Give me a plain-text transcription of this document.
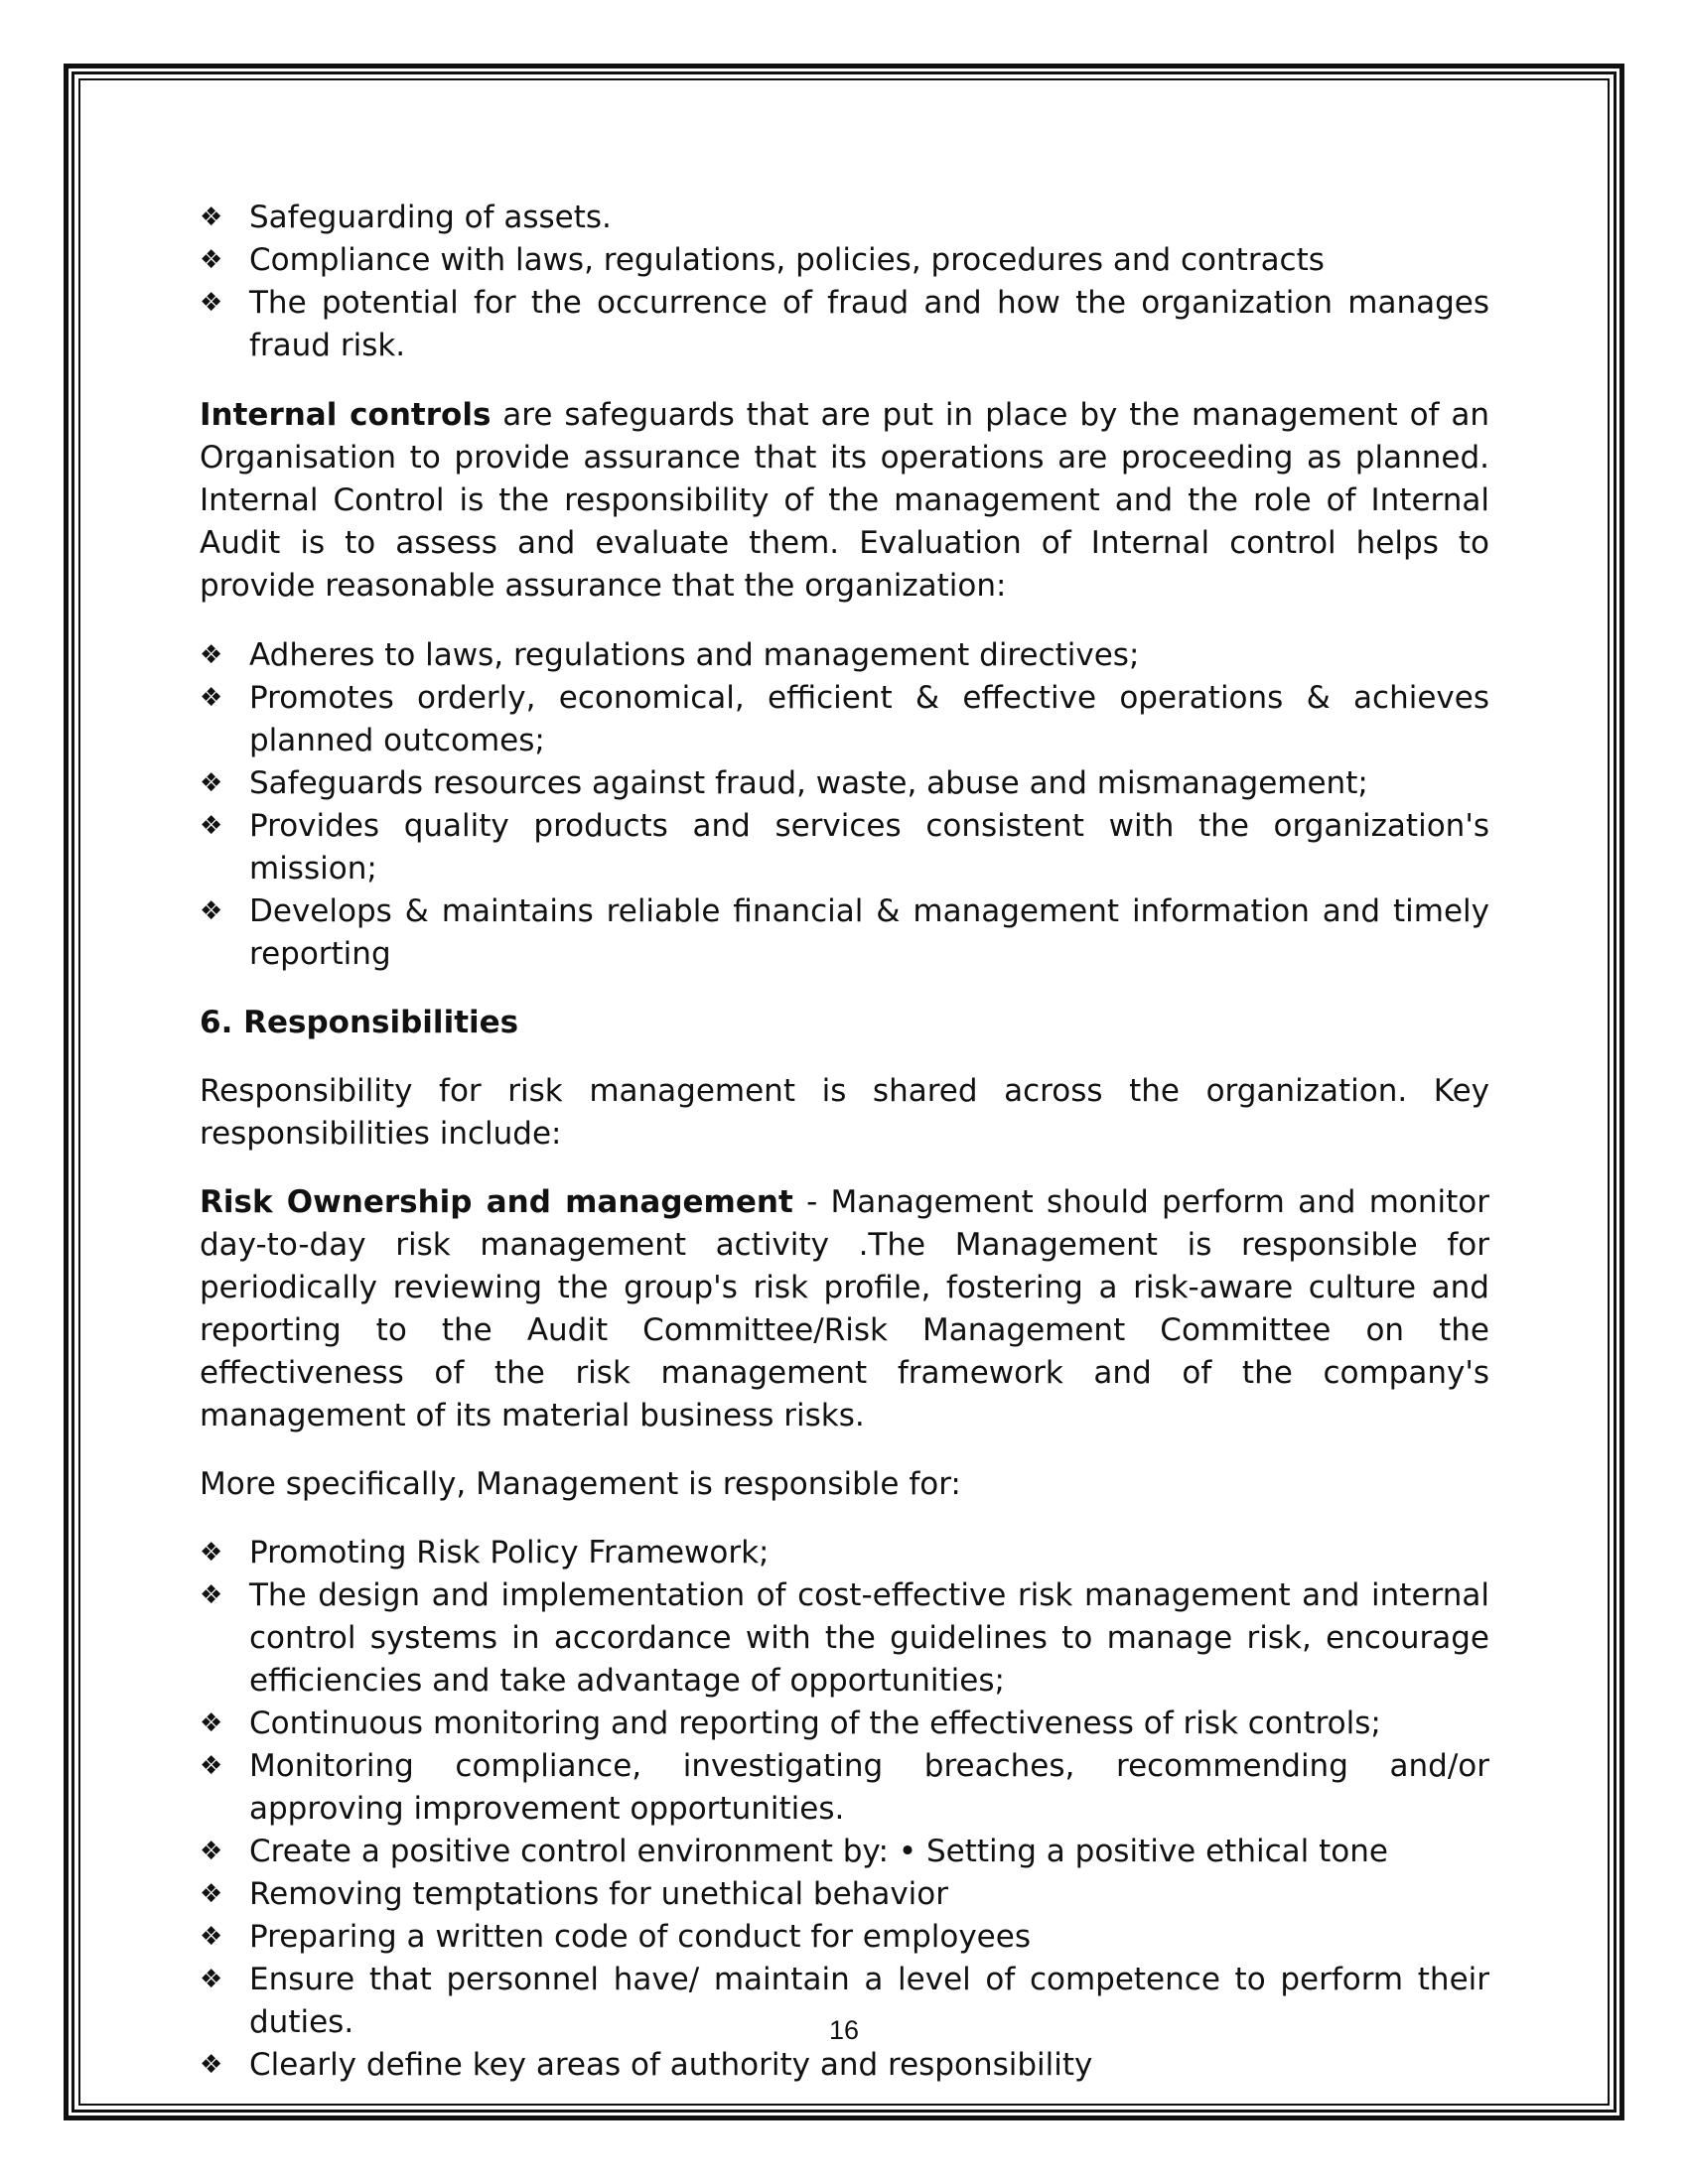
❖ Safeguarding of assets.
❖ Compliance with laws, regulations, policies, procedures and contracts
❖ The potential for the occurrence of fraud and how the organization manages fraud risk.

Internal controls are safeguards that are put in place by the management of an Organisation to provide assurance that its operations are proceeding as planned. Internal Control is the responsibility of the management and the role of Internal Audit is to assess and evaluate them. Evaluation of Internal control helps to provide reasonable assurance that the organization:

❖ Adheres to laws, regulations and management directives;
❖ Promotes orderly, economical, efficient & effective operations & achieves planned outcomes;
❖ Safeguards resources against fraud, waste, abuse and mismanagement;
❖ Provides quality products and services consistent with the organization's mission;
❖ Develops & maintains reliable financial & management information and timely reporting

6. Responsibilities

Responsibility for risk management is shared across the organization. Key responsibilities include:

Risk Ownership and management - Management should perform and monitor day-to-day risk management activity .The Management is responsible for periodically reviewing the group's risk profile, fostering a risk-aware culture and reporting to the Audit Committee/Risk Management Committee on the effectiveness of the risk management framework and of the company's management of its material business risks.

More specifically, Management is responsible for:

❖ Promoting Risk Policy Framework;
❖ The design and implementation of cost-effective risk management and internal control systems in accordance with the guidelines to manage risk, encourage efficiencies and take advantage of opportunities;
❖ Continuous monitoring and reporting of the effectiveness of risk controls;
❖ Monitoring compliance, investigating breaches, recommending and/or approving improvement opportunities.
❖ Create a positive control environment by: • Setting a positive ethical tone
❖ Removing temptations for unethical behavior
❖ Preparing a written code of conduct for employees
❖ Ensure that personnel have/ maintain a level of competence to perform their duties.
❖ Clearly define key areas of authority and responsibility
16
